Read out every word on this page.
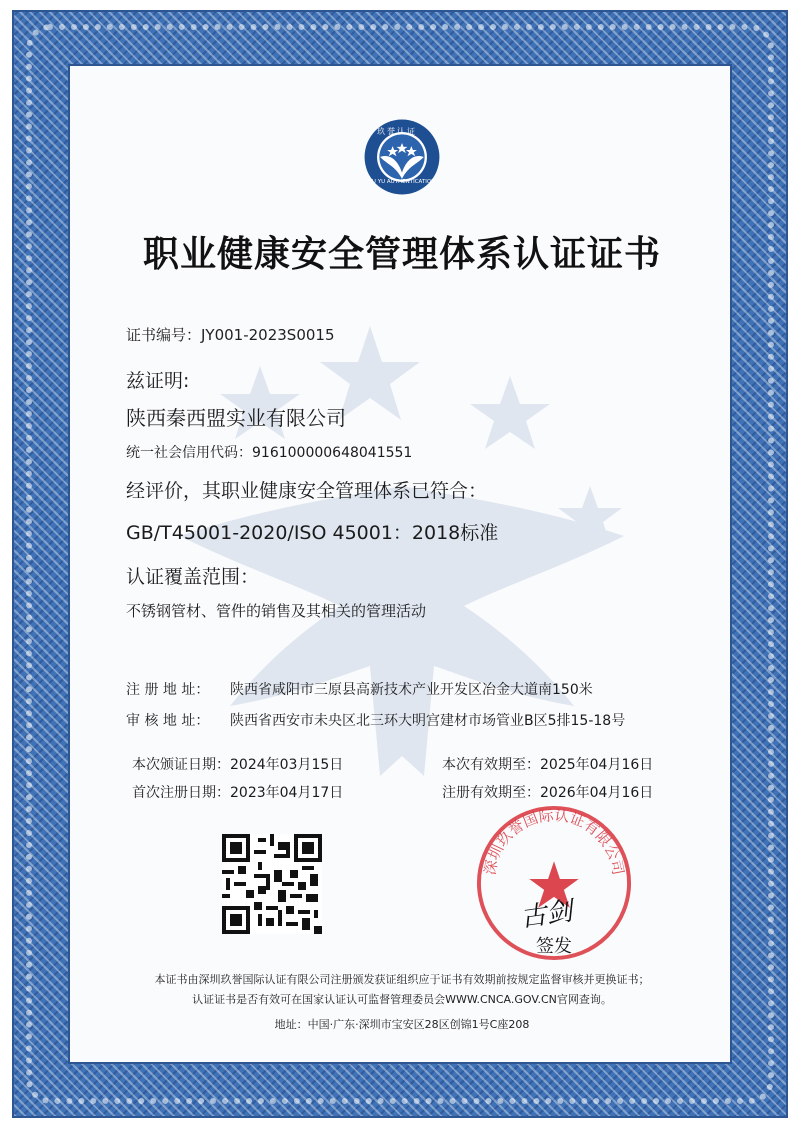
玖誉认证
JIU YU AUTHENTICATION
职业健康安全管理体系认证证书
证书编号：JY001-2023S0015
兹证明:
陕西秦西盟实业有限公司
统一社会信用代码：916100000648041551
经评价，其职业健康安全管理体系已符合：
GB/T45001-2020/ISO 45001：2018标准
认证覆盖范围：
不锈钢管材、管件的销售及其相关的管理活动
注 册 地 址： 陕西省咸阳市三原县高新技术产业开发区冶金大道南150米
审 核 地 址： 陕西省西安市未央区北三环大明宫建材市场管业B区5排15-18号
本次颁证日期：2024年03月15日	本次有效期至：2025年04月16日
首次注册日期：2023年04月17日	注册有效期至：2026年04月16日
深圳玖誉国际认证有限公司
古剑
签发
本证书由深圳玖誉国际认证有限公司注册颁发获证组织应于证书有效期前按规定监督审核并更换证书；
认证证书是否有效可在国家认证认可监督管理委员会WWW.CNCA.GOV.CN官网查询。
地址：中国·广东·深圳市宝安区28区创锦1号C座208
